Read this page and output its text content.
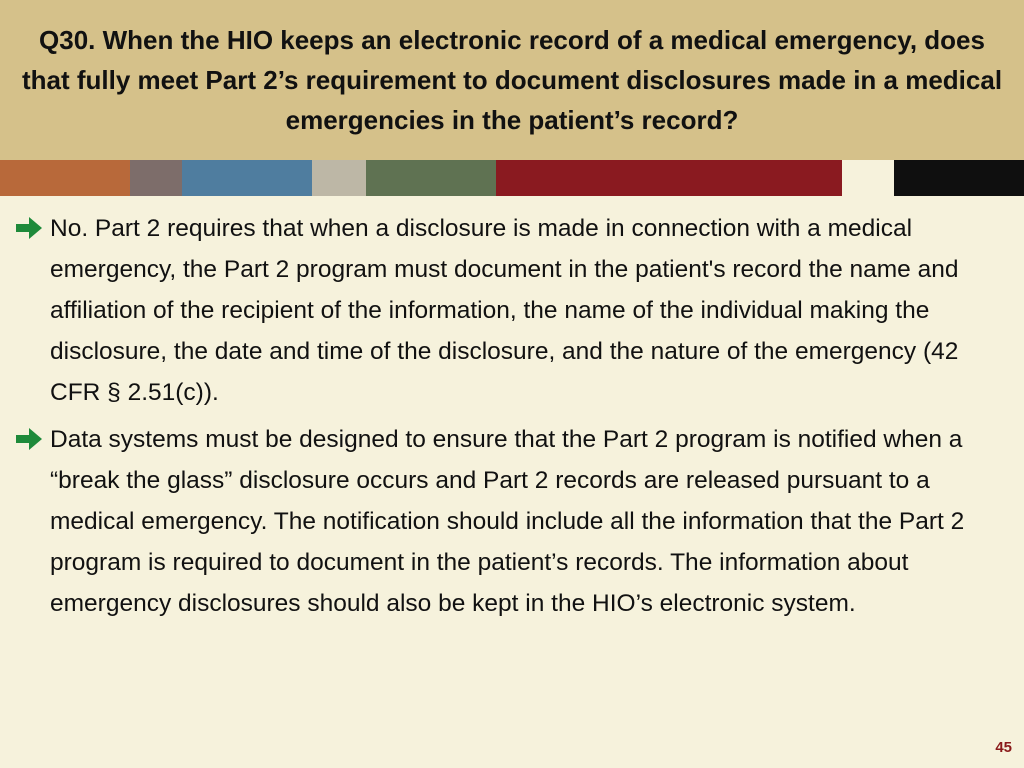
Q30. When the HIO keeps an electronic record of a medical emergency, does that fully meet Part 2’s requirement to document disclosures made in a medical emergencies in the patient’s record?
No. Part 2 requires that when a disclosure is made in connection with a medical emergency, the Part 2 program must document in the patient's record the name and affiliation of the recipient of the information, the name of the individual making the disclosure, the date and time of the disclosure, and the nature of the emergency (42 CFR § 2.51(c)).
Data systems must be designed to ensure that the Part 2 program is notified when a “break the glass” disclosure occurs and Part 2 records are released pursuant to a medical emergency. The notification should include all the information that the Part 2 program is required to document in the patient’s records. The information about emergency disclosures should also be kept in the HIO’s electronic system.
45
